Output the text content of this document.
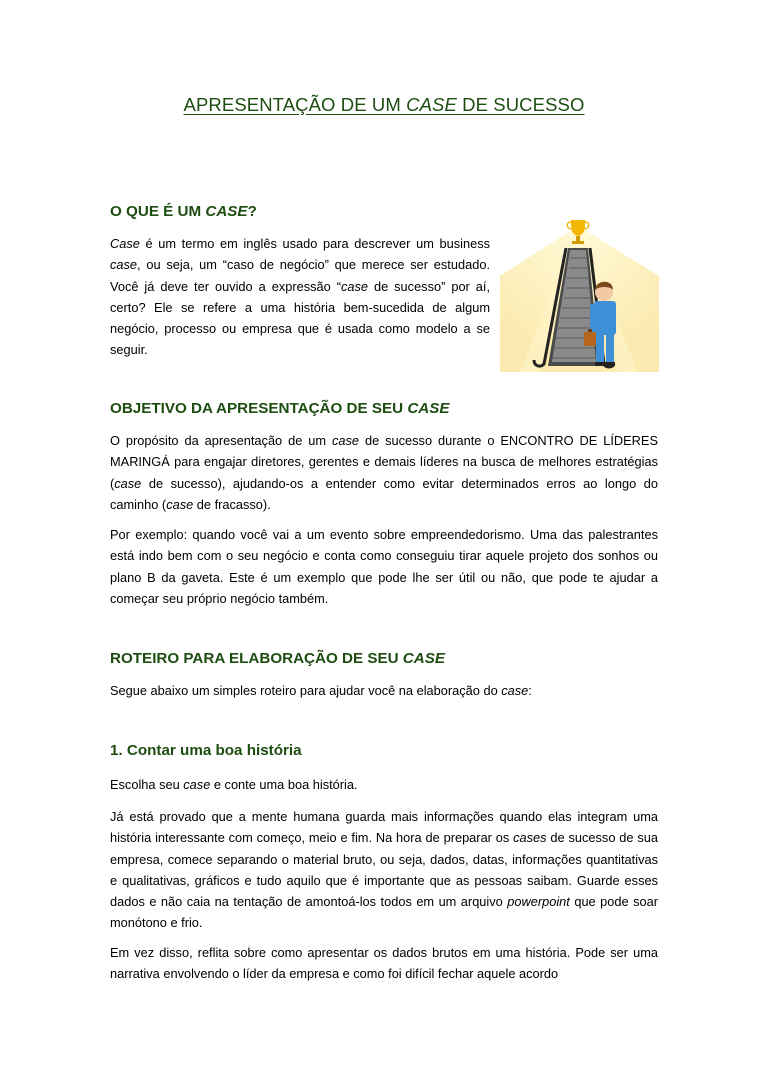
APRESENTAÇÃO DE UM CASE DE SUCESSO
O QUE É UM CASE?

Case é um termo em inglês usado para descrever um business case, ou seja, um “caso de negócio” que merece ser estudado. Você já deve ter ouvido a expressão “case de sucesso” por aí, certo? Ele se refere a uma história bem-sucedida de algum negócio, processo ou empresa que é usada como modelo a se seguir.

OBJETIVO DA APRESENTAÇÃO DE SEU CASE

O propósito da apresentação de um case de sucesso durante o ENCONTRO DE LÍDERES MARINGÁ para engajar diretores, gerentes e demais líderes na busca de melhores estratégias (case de sucesso), ajudando-os a entender como evitar determinados erros ao longo do caminho (case de fracasso).

Por exemplo: quando você vai a um evento sobre empreendedorismo. Uma das palestrantes está indo bem com o seu negócio e conta como conseguiu tirar aquele projeto dos sonhos ou plano B da gaveta. Este é um exemplo que pode lhe ser útil ou não, que pode te ajudar a começar seu próprio negócio também.

ROTEIRO PARA ELABORAÇÃO DE SEU CASE

Segue abaixo um simples roteiro para ajudar você na elaboração do case:

1. Contar uma boa história

Escolha seu case e conte uma boa história.

Já está provado que a mente humana guarda mais informações quando elas integram uma história interessante com começo, meio e fim. Na hora de preparar os cases de sucesso de sua empresa, comece separando o material bruto, ou seja, dados, datas, informações quantitativas e qualitativas, gráficos e tudo aquilo que é importante que as pessoas saibam. Guarde esses dados e não caia na tentação de amontoá-los todos em um arquivo powerpoint que pode soar monótono e frio.

Em vez disso, reflita sobre como apresentar os dados brutos em uma história. Pode ser uma narrativa envolvendo o líder da empresa e como foi difícil fechar aquele acordo
